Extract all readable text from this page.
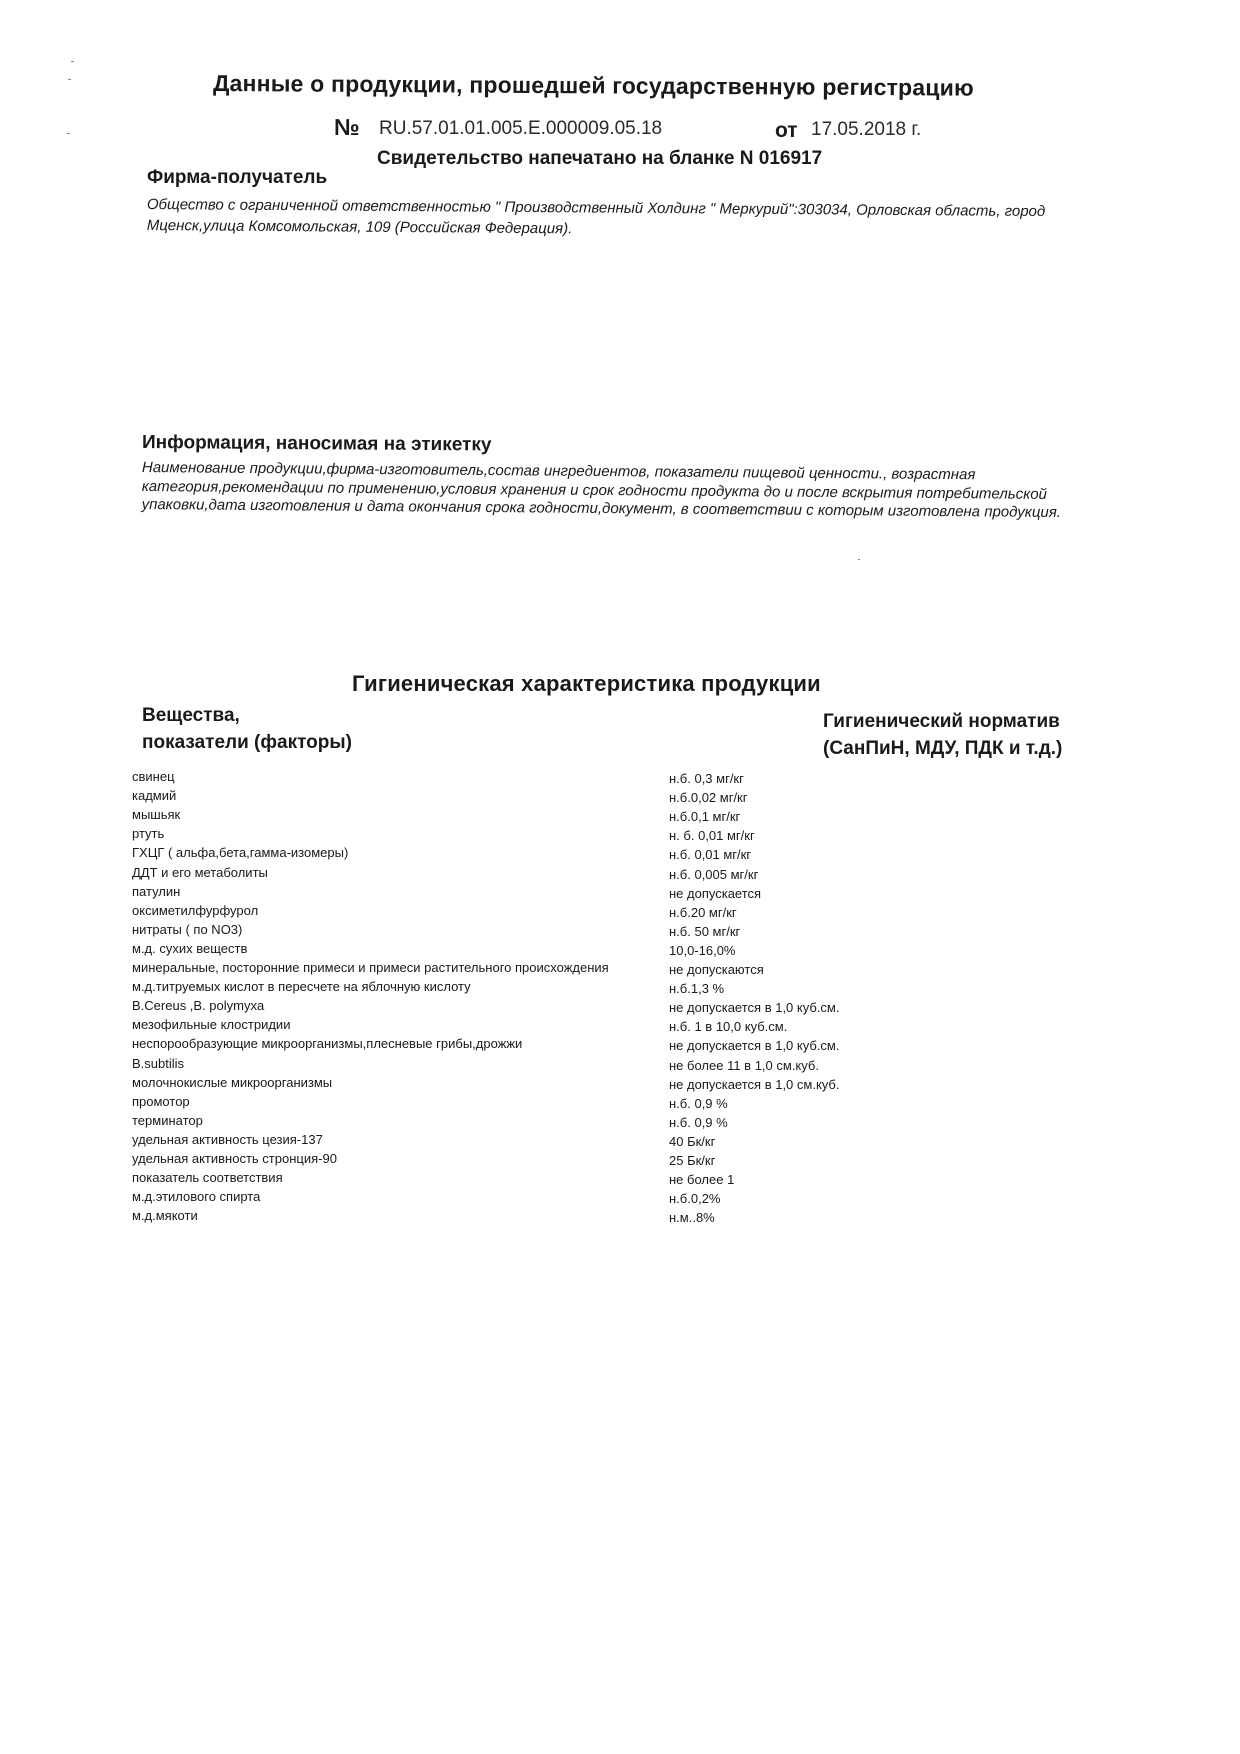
Данные о продукции, прошедшей государственную регистрацию
№ RU.57.01.01.005.Е.000009.05.18	от 17.05.2018 г.
Свидетельство напечатано на бланке N 016917
Фирма-получатель
Общество с ограниченной ответственностью " Производственный Холдинг " Меркурий":303034, Орловская область, город Мценск,улица Комсомольская, 109 (Российская Федерация).
Информация, наносимая на этикетку
Наименование продукции,фирма-изготовитель,состав ингрeдиентов, показатели пищевой ценности., возрастная категория,рекомендации по применению,условия хранения и срок годности продукта до и после вскрытия потребительской упаковки,дата изготовления и дата окончания срока годности,документ, в соответствии с которым изготовлена продукция.
Гигиеническая характеристика продукции
Вещества,
показатели (факторы)
Гигиенический норматив
(СанПиН, МДУ, ПДК и т.д.)
свинец	н.б. 0,3 мг/кг
кадмий	н.б.0,02 мг/кг
мышьяк	н.б.0,1 мг/кг
ртуть	н. б. 0,01 мг/кг
ГХЦГ ( альфа,бета,гамма-изомеры)	н.б. 0,01 мг/кг
ДДТ и его метаболиты	н.б. 0,005 мг/кг
патулин	не допускается
оксиметилфурфурол	н.б.20 мг/кг
нитраты ( по NO3)	н.б. 50 мг/кг
м.д. сухих веществ	10,0-16,0%
минеральные, посторонние примеси и примеси растительного происхождения	не допускаются
м.д.титруемых кислот в пересчете на яблочную кислоту	н.б.1,3 %
B.Cereus ,B. polymyxa	не допускается в 1,0 куб.см.
мезофильные клостридии	н.б. 1 в 10,0 куб.см.
неспорообразующие микроорганизмы,плесневые грибы,дрожжи	не допускается в 1,0 куб.см.
B.subtilis	не более 11 в 1,0 см.куб.
молочнокислые микроорганизмы	не допускается в 1,0 см.куб.
промотор	н.б. 0,9 %
терминатор	н.б. 0,9 %
удельная активность цезия-137	40 Бк/кг
удельная активность стронция-90	25 Бк/кг
показатель соответствия	не более 1
м.д.этилового спирта	н.б.0,2%
м.д.мякоти	н.м..8%
